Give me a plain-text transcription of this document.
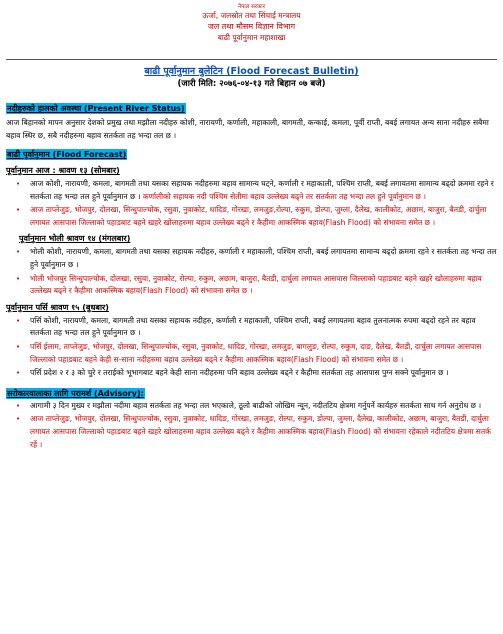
नेपाल सरकार
ऊर्जा, जलस्रोत तथा सिंचाई मन्त्रालय
जल तथा मौसम विज्ञान विभाग
बाढी पूर्वानुमान महाशाखा
बाढी पूर्वानुमान बुलेटिन (Flood Forecast Bulletin)
(जारी मिति: २०७६-०४-१३ गते बिहान ०७ बजे)
नदीहरुको हालको अवस्था (Present River Status)

आज बिहानको मापन अनुसार देशको प्रमुख तथा मझौला नदीहरु कोशी, नारायणी, कर्णाली, महाकाली, बागमती, कन्काई, कमला, पूर्वी राप्ती, बबई लगायत अन्य साना नदीहरु सबैमा बहाव स्थिर छ, सबै नदीहरुमा बहाव सतर्कता तह भन्दा तल छ ।

बाढी पूर्वानुमान (Flood Forecast)
पूर्वानुमान आज : श्रावण १३ (सोमबार)
• आज कोशी, नारायणी, कमला, बागमती तथा यसका सहायक नदीहरुमा बहाव सामान्य घट्ने, कर्णाली र महाकाली, पश्चिम राप्ती, बबई लगायतमा सामान्य बढ्दो क्रममा रहने र सतर्कता तह भन्दा तल हुने पूर्वानुमान छ । कर्णालीको सहायक नदी पश्चिम सेतीमा बहाव उल्लेख्य बढ्ने तर सतर्कता तह भन्दा तल हुने पूर्वानुमान छ ।
• आज ताप्लेजुङ, भोजपुर, दोलखा, सिन्धुपाल्चोक, रसुवा, नुवाकोट, धादिङ, गोरखा, लमजुङ,रोल्पा, रुकुम, डोल्पा, जुम्ला, दैलेख, कालीकोट, अछाम, बाजुरा, बैतडी, दार्चुला लगायत आसपास जिल्लाको पहाडबाट बहने खहरे खोलाहरुमा बहाव उल्लेख्य बढ्ने र कैहीमा आकस्मिक बहाव(Flash Flood) को संभावना समेत छ ।
पूर्वानुमान भोली श्रावण १४ (मंगलबार)
• भोली कोशी, नारायणी, कमला, बागमती तथा यसका सहायक नदीहरु, कर्णाली र महाकाली, पश्चिम राप्ती, बबई लगायतमा सामान्य बढ्दो क्रममा रहने र सतर्कता तह भन्दा तल हुने पूर्वानुमान छ ।
• भोली भोजपुर सिन्धुपाल्चोक, दोलखा, रसुवा, नुवाकोट, रोल्पा, रुकुम, अछाम, बाजुरा, बैतडी, दार्चुला लगायत आसपास जिल्लाको पहाडबाट बहने खहरे खोलाहरुमा बहाव उल्लेख्य बढ्ने र कैहीमा आकस्मिक बहाव(Flash Flood) को संभावना समेत छ ।
पूर्वानुमान पर्सि श्रावण १५ (बुधबार)
• पर्सि कोशी, नारायणी, कमला, बागमती तथा यसका सहायक नदीहरु, कर्णाली र महाकाली, पश्चिम राप्ती, बबई लगायतमा बहाव तुलनात्मक रुपमा बढ्दो रहने तर बहाव सतर्कता तह भन्दा तल हुने पूर्वानुमान छ ।
• पर्सि ईलाम, ताप्लेजुङ, भोजपुर, दोलखा, सिन्धुपाल्चोक, रसुवा, नुवाकोट, धादिङ, गोरखा, लमजुङ, बागलुङ, रोल्पा, रुकुम, दाङ, दैलेख, बैतडी, दार्चुला लगायत आसपास जिल्लाको पहाडबाट बहने केही स-साना नदीहरुमा बहाव उल्लेख्य बढ्ने र कैहीमा आकस्मिक बहाव(Flash Flood) को संभावना समेत छ ।
• पर्सि प्रदेश २ र ३ को चुरे र तराईको भूभागबाट बहने केही साना नदीहरुमा पनि बहाव उल्लेख्य बढ्ने र कैहीमा सतर्कता तह आसपास पुग्न सक्ने पूर्वानुमान छ ।
सरोकारवालाका लागि परामर्श (Advisory):
• आगामी ३ दिन मुख्य र मझौला नदीमा बहाव सतर्कता तह भन्दा तल भएकाले, ठूलो बाढीको जोखिम न्यून, नदीतटिय क्षेत्रमा गर्नुपर्ने कार्यहरु सतर्कता साथ गर्न अनुरोध छ ।
• आज ताप्लेजुङ, भोजपुर, दोलखा, सिन्धुपाल्चोक, रसुवा, नुवाकोट, धादिङ, गोरखा, लमजुङ, रोल्पा, रुकुम, डोल्पा, जुम्ला, दैलेख, कालीकोट, अछाम, बाजुरा, बैतडी, दार्चुला लगायत आसपास जिल्लाको पहाडबाट बहने खहरे खोलाहरुमा बहाव उल्लेख्य बढ्ने र कैहीमा आकस्मिक बहाव(Flash Flood) को संभावना रहेकाले नदीतटिय क्षेत्रमा सतर्क रहें ।
